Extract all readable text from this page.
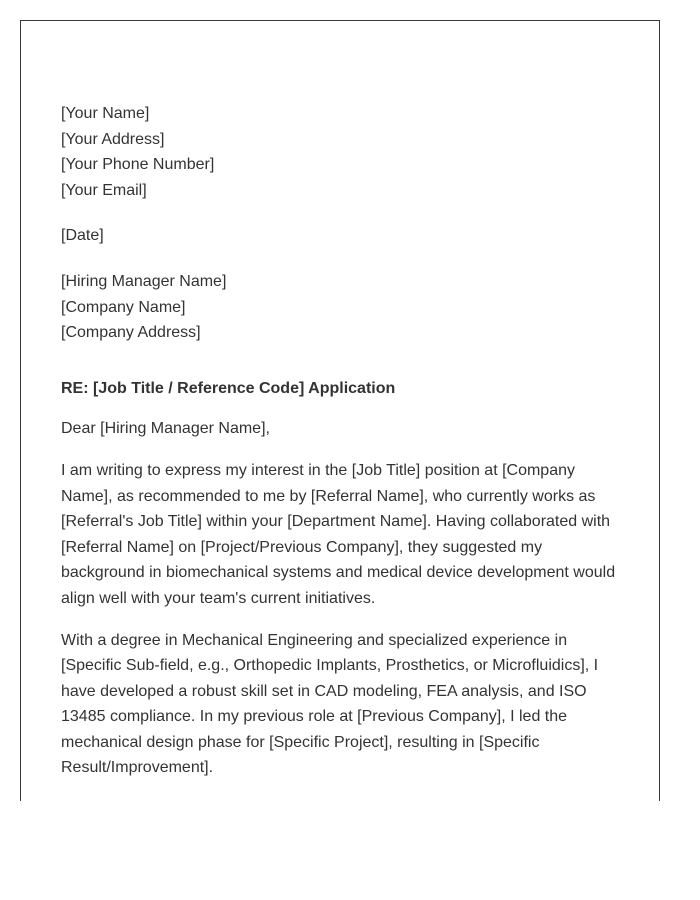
[Your Name]
[Your Address]
[Your Phone Number]
[Your Email]
[Date]
[Hiring Manager Name]
[Company Name]
[Company Address]
RE: [Job Title / Reference Code] Application
Dear [Hiring Manager Name],
I am writing to express my interest in the [Job Title] position at [Company
Name], as recommended to me by [Referral Name], who currently works as
[Referral's Job Title] within your [Department Name]. Having collaborated with
[Referral Name] on [Project/Previous Company], they suggested my
background in biomechanical systems and medical device development would
align well with your team's current initiatives.
With a degree in Mechanical Engineering and specialized experience in
[Specific Sub-field, e.g., Orthopedic Implants, Prosthetics, or Microfluidics], I
have developed a robust skill set in CAD modeling, FEA analysis, and ISO
13485 compliance. In my previous role at [Previous Company], I led the
mechanical design phase for [Specific Project], resulting in [Specific
Result/Improvement].
